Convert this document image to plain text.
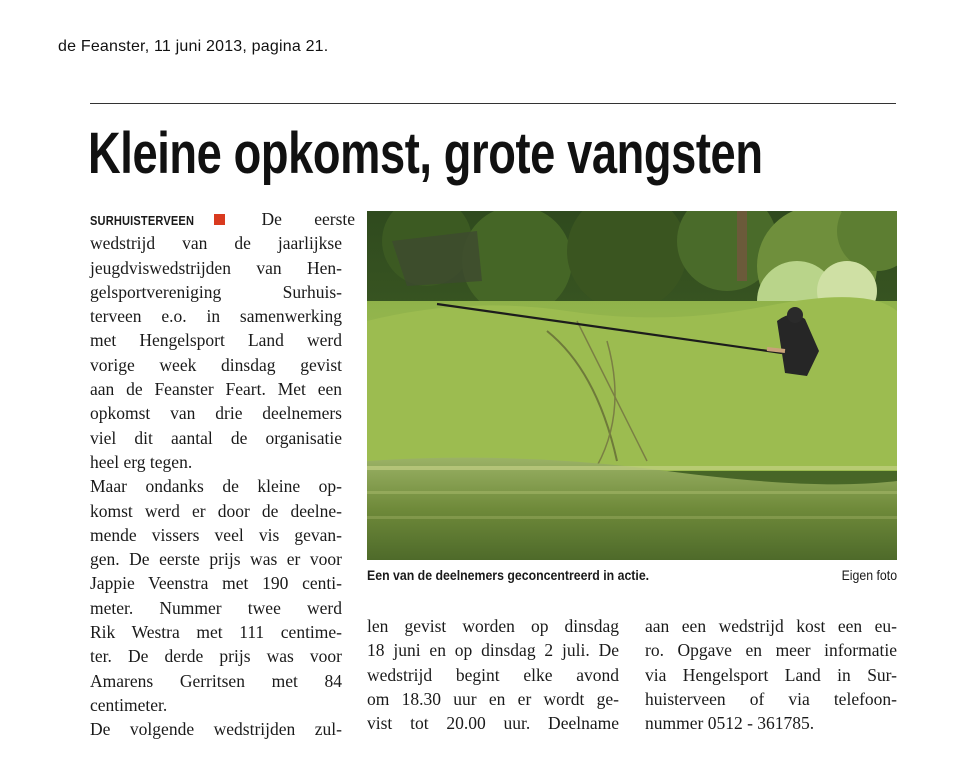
de Feanster, 11 juni 2013, pagina 21.
Kleine opkomst, grote vangsten
SURHUISTERVEEN	De eerste
wedstrijd van de jaarlijkse
jeugdviswedstrijden van Hen-
gelsportvereniging Surhuis-
terveen e.o. in samenwerking
met Hengelsport Land werd
vorige week dinsdag gevist
aan de Feanster Feart. Met een
opkomst van drie deelnemers
viel dit aantal de organisatie
heel erg tegen.
Maar ondanks de kleine op-
komst werd er door de deelne-
mende vissers veel vis gevan-
gen. De eerste prijs was er voor
Jappie Veenstra met 190 centi-
meter. Nummer twee werd
Rik Westra met 111 centime-
ter. De derde prijs was voor
Amarens Gerritsen met 84
centimeter.
De volgende wedstrijden zul-
Een van de deelnemers geconcentreerd in actie.	Eigen foto
len gevist worden op dinsdag
18 juni en op dinsdag 2 juli. De
wedstrijd begint elke avond
om 18.30 uur en er wordt ge-
vist tot 20.00 uur. Deelname
aan een wedstrijd kost een eu-
ro. Opgave en meer informatie
via Hengelsport Land in Sur-
huisterveen of via telefoon-
nummer 0512 - 361785.
